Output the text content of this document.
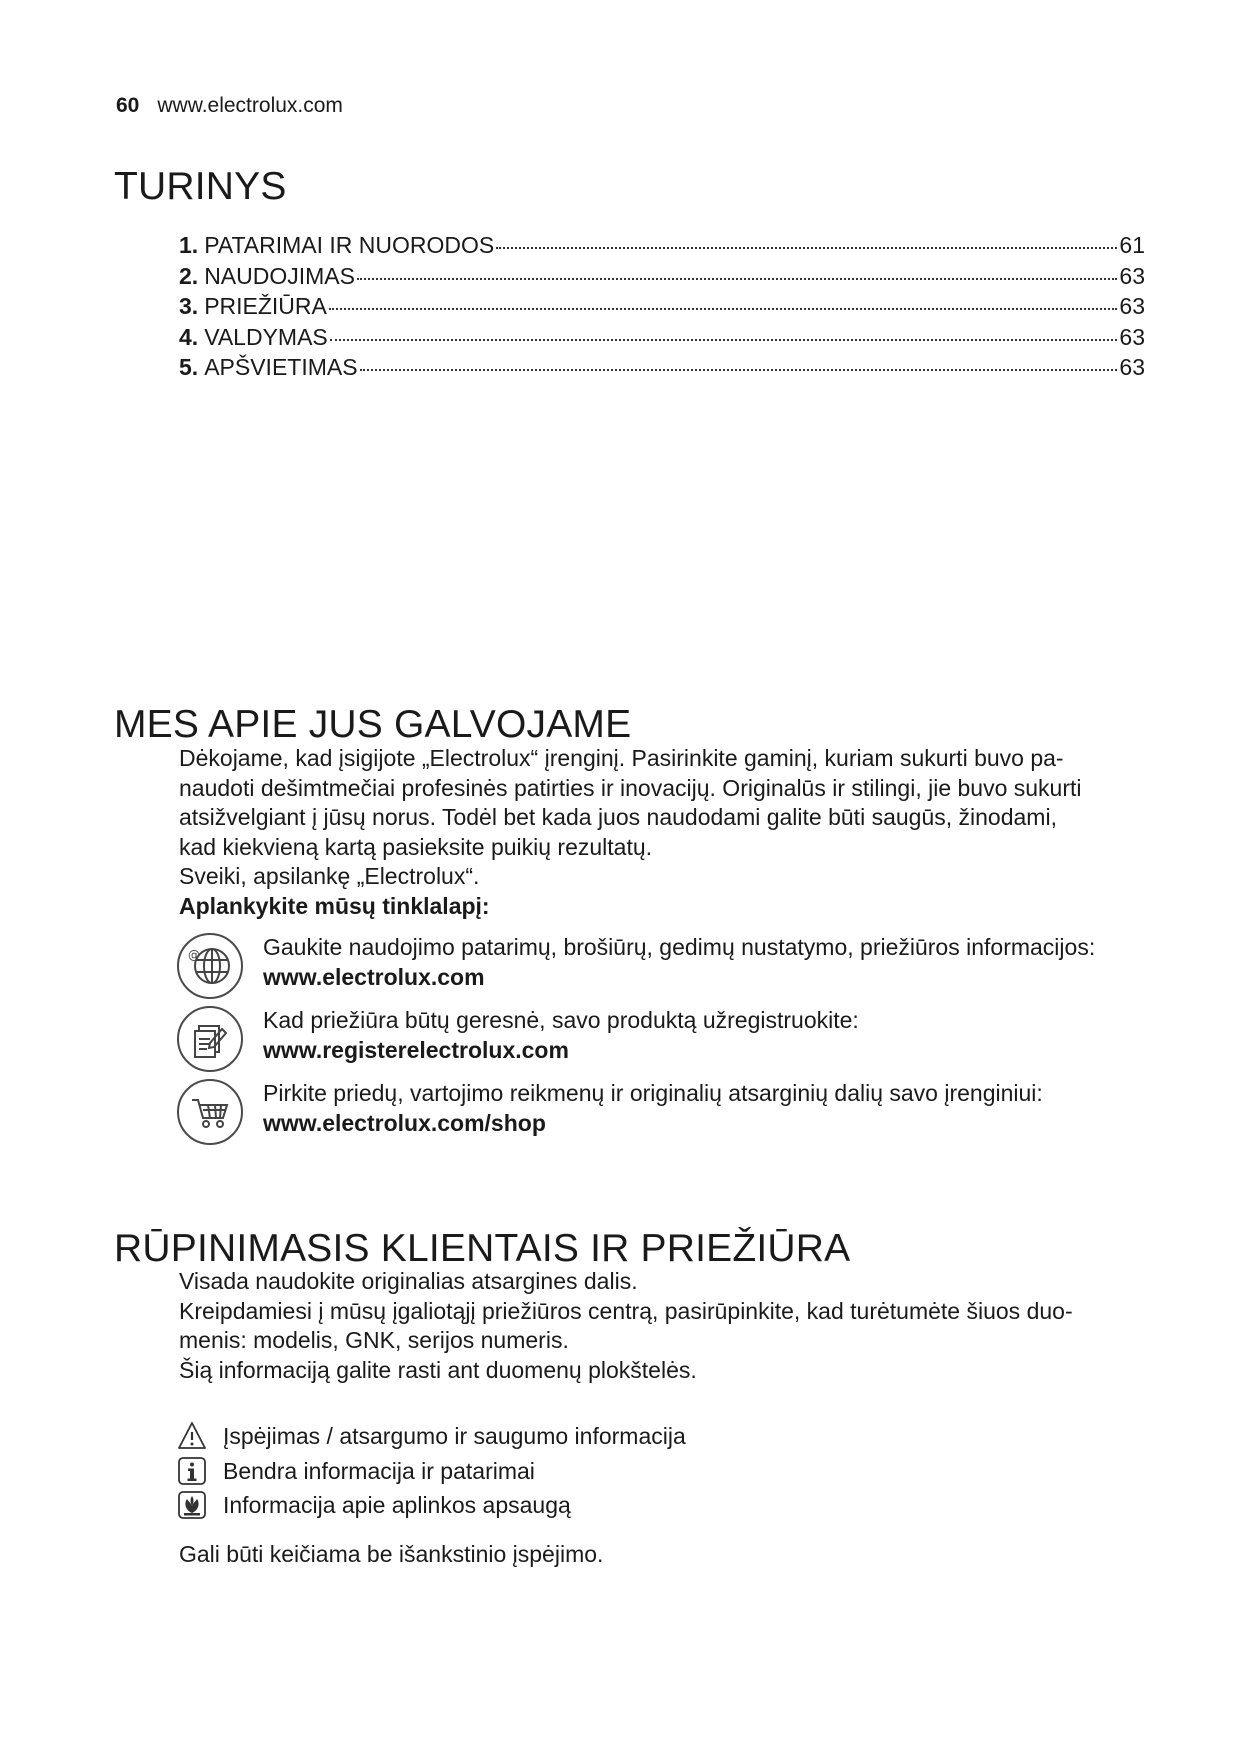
60 www.electrolux.com
TURINYS
1. PATARIMAI IR NUORODOS	61
2. NAUDOJIMAS	63
3. PRIEŽIŪRA	63
4. VALDYMAS	63
5. APŠVIETIMAS	63
MES APIE JUS GALVOJAME
Dėkojame, kad įsigijote „Electrolux“ įrenginį. Pasirinkite gaminį, kuriam sukurti buvo pa-
naudoti dešimtmečiai profesinės patirties ir inovacijų. Originalūs ir stilingi, jie buvo sukurti
atsižvelgiant į jūsų norus. Todėl bet kada juos naudodami galite būti saugūs, žinodami,
kad kiekvieną kartą pasieksite puikių rezultatų.
Sveiki, apsilankę „Electrolux“.
Aplankykite mūsų tinklalapį:
@	Gaukite naudojimo patarimų, brošiūrų, gedimų nustatymo, priežiūros informacijos:
www.electrolux.com
Kad priežiūra būtų geresnė, savo produktą užregistruokite:
www.registerelectrolux.com
Pirkite priedų, vartojimo reikmenų ir originalių atsarginių dalių savo įrenginiui:
www.electrolux.com/shop
RŪPINIMASIS KLIENTAIS IR PRIEŽIŪRA
Visada naudokite originalias atsargines dalis.
Kreipdamiesi į mūsų įgaliotąjį priežiūros centrą, pasirūpinkite, kad turėtumėte šiuos duo-
menis: modelis, GNK, serijos numeris.
Šią informaciją galite rasti ant duomenų plokštelės.
Įspėjimas / atsargumo ir saugumo informacija
Bendra informacija ir patarimai
Informacija apie aplinkos apsaugą
Gali būti keičiama be išankstinio įspėjimo.
